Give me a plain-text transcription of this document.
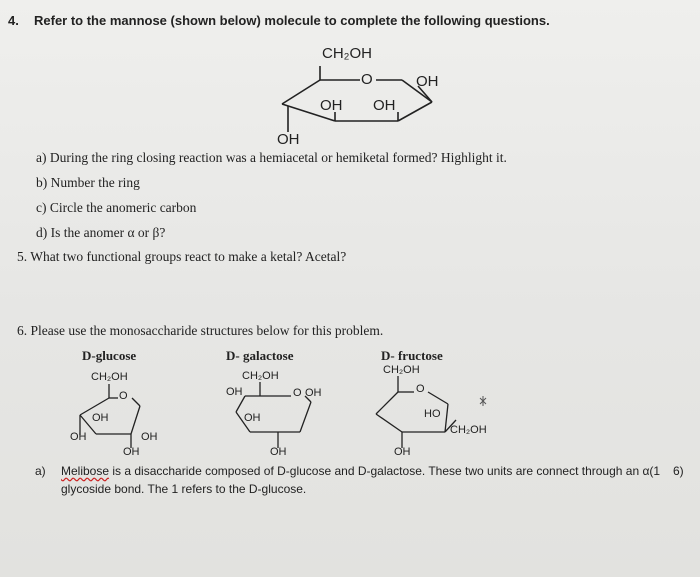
4. Refer to the mannose (shown below) molecule to complete the following questions.
CH₂OH
O	OH
OH OH
OH
a) During the ring closing reaction was a hemiacetal or hemiketal formed? Highlight it.
b) Number the ring
c) Circle the anomeric carbon
d) Is the anomer α or β?
5. What two functional groups react to make a ketal? Acetal?
6. Please use the monosaccharide structures below for this problem.
D-glucose	D- galactose	D- fructose
CH₂OH
O
OH
OH	OH
OH
CH₂OH
OH	O OH
OH
OH
CH₂OH
O
HO
CH₂OH
OH
a) Melibose is a disaccharide composed of D-glucose and D-galactose. These two units are connect through an α(1
glycoside bond. The 1 refers to the D-glucose.
6)
